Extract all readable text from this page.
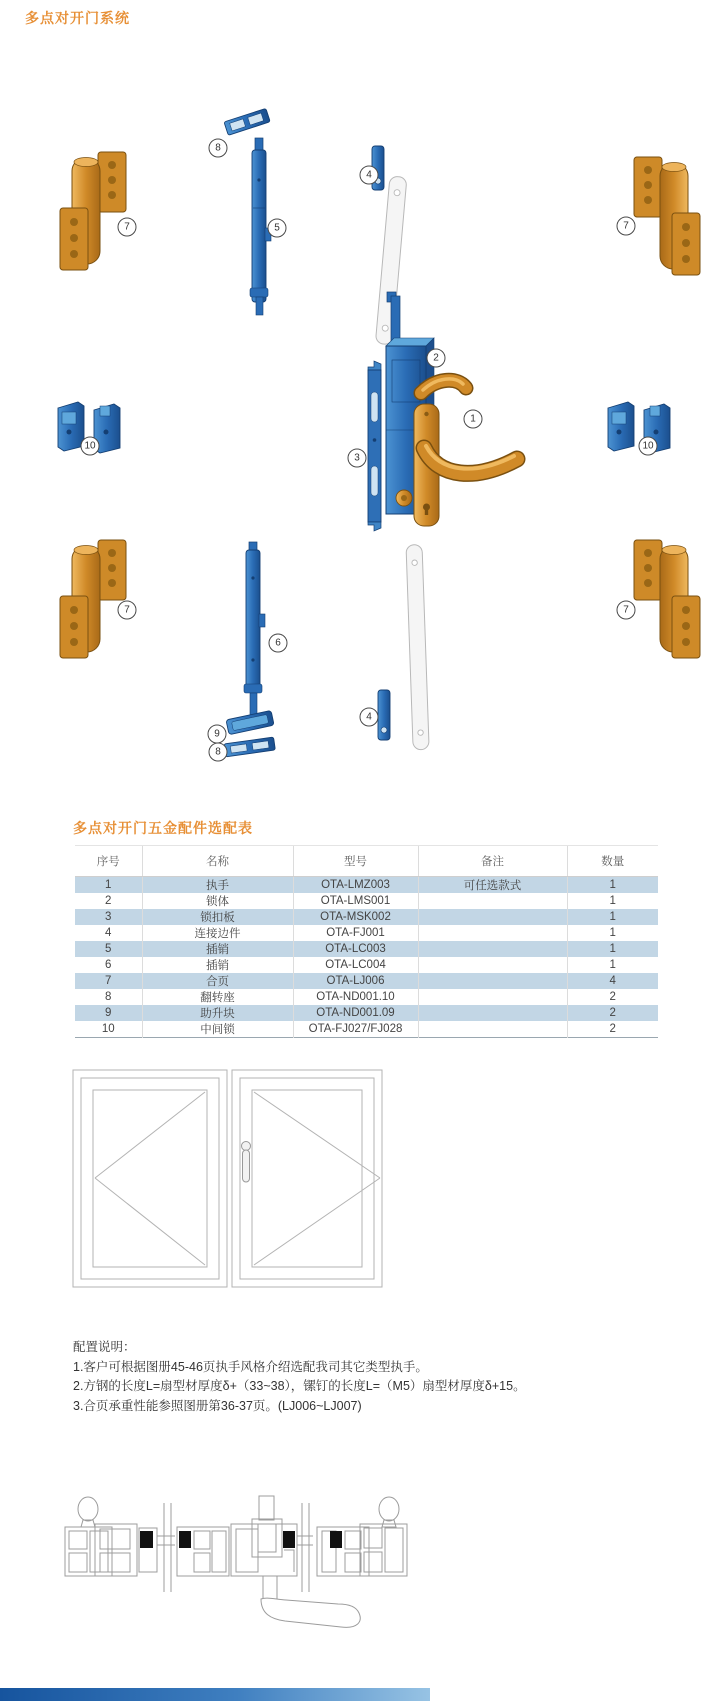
多点对开门系统
7
8
5
4
7
10	10
2
1
3
7	7
6
9
8
4
多点对开门五金配件选配表
序号	名称	型号	备注	数量
1	执手	OTA-LMZ003	可任选款式	1
2	锁体	OTA-LMS001		1
3	锁扣板	OTA-MSK002		1
4	连接边件	OTA-FJ001		1
5	插销	OTA-LC003		1
6	插销	OTA-LC004		1
7	合页	OTA-LJ006		4
8	翻转座	OTA-ND001.10		2
9	助升块	OTA-ND001.09		2
10	中间锁	OTA-FJ027/FJ028		2
配置说明：
1.客户可根据图册45-46页执手风格介绍选配我司其它类型执手。
2.方钢的长度L=扇型材厚度δ+（33~38），镙钉的长度L=（M5）扇型材厚度δ+15。
3.合页承重性能参照图册第36-37页。(LJ006~LJ007)
